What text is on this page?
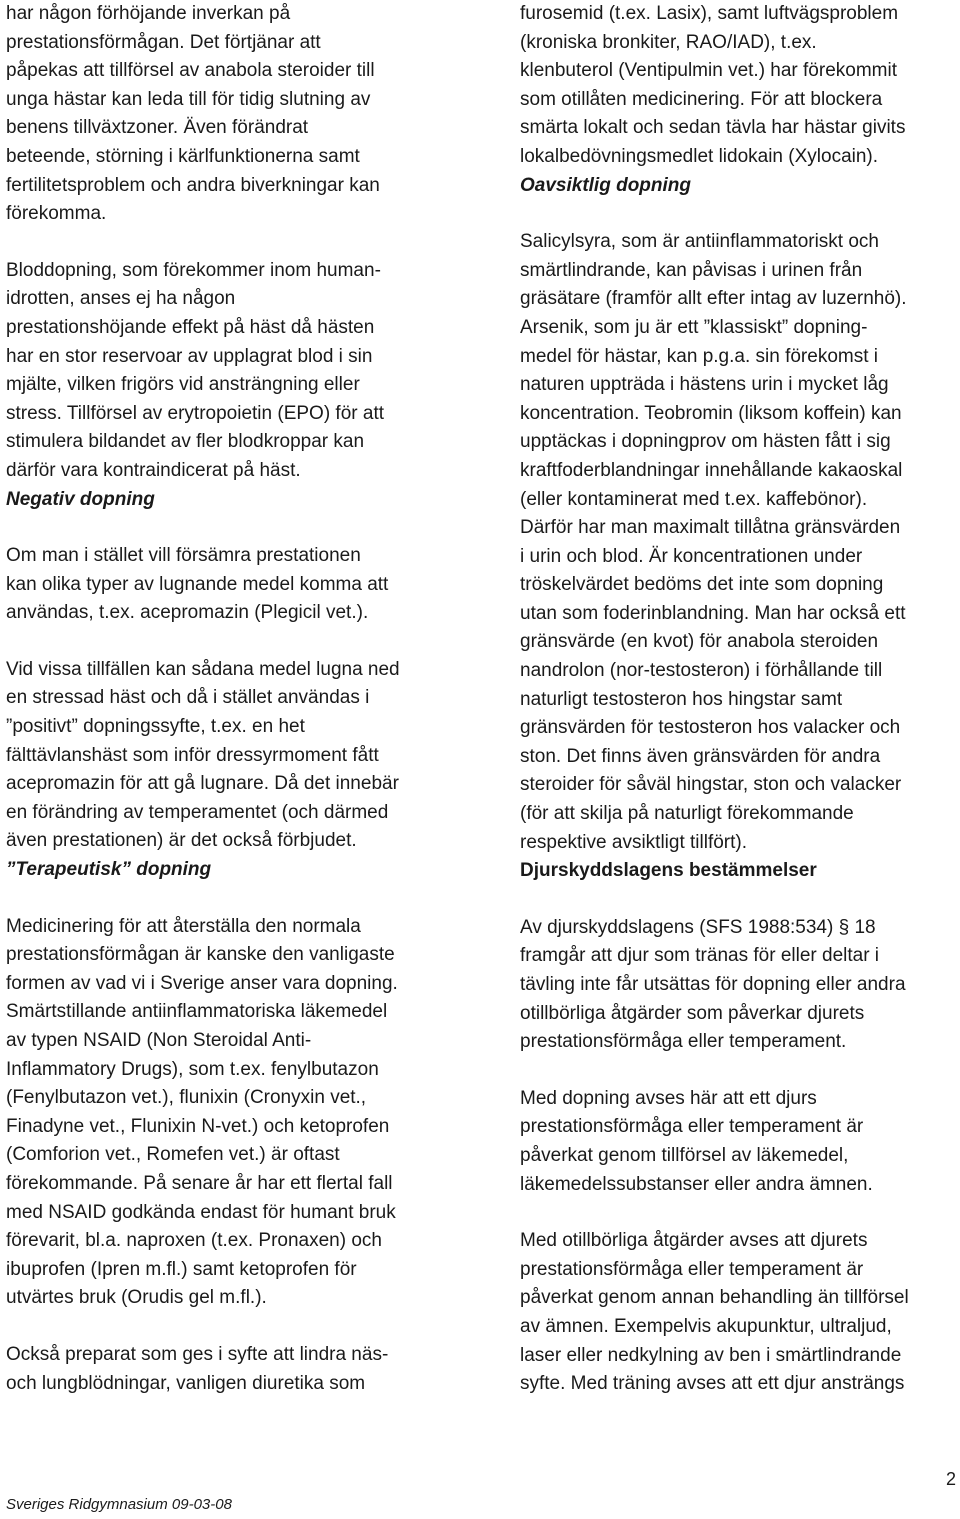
har någon förhöjande inverkan på
prestationsförmågan. Det förtjänar att
påpekas att tillförsel av anabola steroider till
unga hästar kan leda till för tidig slutning av
benens tillväxtzoner. Även förändrat
beteende, störning i kärlfunktionerna samt
fertilitetsproblem och andra biverkningar kan
förekomma.

Bloddopning, som förekommer inom human-
idrotten, anses ej ha någon
prestationshöjande effekt på häst då hästen
har en stor reservoar av upplagrat blod i sin
mjälte, vilken frigörs vid ansträngning eller
stress. Tillförsel av erytropoietin (EPO) för att
stimulera bildandet av fler blodkroppar kan
därför vara kontraindicerat på häst.

Negativ dopning

Om man i stället vill försämra prestationen
kan olika typer av lugnande medel komma att
användas, t.ex. acepromazin (Plegicil vet.).

Vid vissa tillfällen kan sådana medel lugna ned
en stressad häst och då i stället användas i
”positivt” dopningssyfte, t.ex. en het
fälttävlanshäst som inför dressyrmoment fått
acepromazin för att gå lugnare. Då det innebär
en förändring av temperamentet (och därmed
även prestationen) är det också förbjudet.

”Terapeutisk” dopning

Medicinering för att återställa den normala
prestationsförmågan är kanske den vanligaste
formen av vad vi i Sverige anser vara dopning.
Smärtstillande antiinflammatoriska läkemedel
av typen NSAID (Non Steroidal Anti-
Inflammatory Drugs), som t.ex. fenylbutazon
(Fenylbutazon vet.), flunixin (Cronyxin vet.,
Finadyne vet., Flunixin N-vet.) och ketoprofen
(Comforion vet., Romefen vet.) är oftast
förekommande. På senare år har ett flertal fall
med NSAID godkända endast för humant bruk
förevarit, bl.a. naproxen (t.ex. Pronaxen) och
ibuprofen (Ipren m.fl.) samt ketoprofen för
utvärtes bruk (Orudis gel m.fl.).

Också preparat som ges i syfte att lindra näs-
och lungblödningar, vanligen diuretika som

furosemid (t.ex. Lasix), samt luftvägsproblem
(kroniska bronkiter, RAO/IAD), t.ex.
klenbuterol (Ventipulmin vet.) har förekommit
som otillåten medicinering. För att blockera
smärta lokalt och sedan tävla har hästar givits
lokalbedövningsmedlet lidokain (Xylocain).

Oavsiktlig dopning

Salicylsyra, som är antiinflammatoriskt och
smärtlindrande, kan påvisas i urinen från
gräsätare (framför allt efter intag av luzernhö).
Arsenik, som ju är ett ”klassiskt” dopning-
medel för hästar, kan p.g.a. sin förekomst i
naturen uppträda i hästens urin i mycket låg
koncentration. Teobromin (liksom koffein) kan
upptäckas i dopningprov om hästen fått i sig
kraftfoderblandningar innehållande kakaoskal
(eller kontaminerat med t.ex. kaffebönor).
Därför har man maximalt tillåtna gränsvärden
i urin och blod. Är koncentrationen under
tröskelvärdet bedöms det inte som dopning
utan som foderinblandning. Man har också ett
gränsvärde (en kvot) för anabola steroiden
nandrolon (nor-testosteron) i förhållande till
naturligt testosteron hos hingstar samt
gränsvärden för testosteron hos valacker och
ston. Det finns även gränsvärden för andra
steroider för såväl hingstar, ston och valacker
(för att skilja på naturligt förekommande
respektive avsiktligt tillfört).

Djurskyddslagens bestämmelser

Av djurskyddslagens (SFS 1988:534) § 18
framgår att djur som tränas för eller deltar i
tävling inte får utsättas för dopning eller andra
otillbörliga åtgärder som påverkar djurets
prestationsförmåga eller temperament.

Med dopning avses här att ett djurs
prestationsförmåga eller temperament är
påverkat genom tillförsel av läkemedel,
läkemedelssubstanser eller andra ämnen.

Med otillbörliga åtgärder avses att djurets
prestationsförmåga eller temperament är
påverkat genom annan behandling än tillförsel
av ämnen. Exempelvis akupunktur, ultraljud,
laser eller nedkylning av ben i smärtlindrande
syfte. Med träning avses att ett djur ansträngs

Sveriges Ridgymnasium 09-03-08
2
